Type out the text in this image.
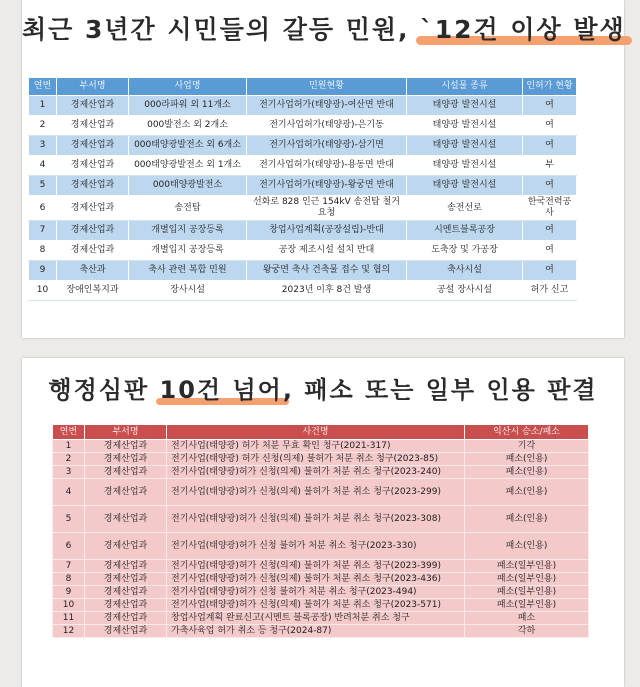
최근 3년간 시민들의 갈등 민원, `12건 이상 발생
연번	부서명	사업명	민원현황	시설물 종류	인허가 현황
1	경제산업과	000라파워 외 11개소	전기사업허가(태양광)-여산면 반대	태양광 발전시설	여
2	경제산업과	000발전소 외 2개소	전기사업허가(태양광)-은기동	태양광 발전시설	여
3	경제산업과	000태양광발전소 외 6개소	전기사업허가(태양광)-삼기면	태양광 발전시설	여
4	경제산업과	000태양광발전소 외 1개소	전기사업허가(태양광)-용동면 반대	태양광 발전시설	부
5	경제산업과	000태양광발전소	전기사업허가(태양광)-왕궁면 반대	태양광 발전시설	여
6	경제산업과	송전탑	선화로 828 인근 154kV 송전탑 철거 요청	송전선로	한국전력공사
7	경제산업과	개별입지 공장등록	창업사업계획(공장설립)-반대	시멘트블록공장	여
8	경제산업과	개별입지 공장등록	공장 제조시설 설치 반대	도축장 및 가공장	여
9	축산과	축사 관련 복합 민원	왕궁면 축사 건축물 접수 및 협의	축사시설	여
10	장애인복지과	장사시설	2023년 이후 8건 발생	공설 장사시설	허가 신고
행정심판 10건 넘어, 패소 또는 일부 인용 판결
연번	부서명	사건명	익산시 승소/패소
1	경제산업과	전기사업(태양광) 허가 처분 무효 확인 청구(2021-317)	기각
2	경제산업과	전기사업(태양광) 허가 신청(의제) 불허가 처분 취소 청구(2023-85)	패소(인용)
3	경제산업과	전기사업(태양광)허가 신청(의제) 불허가 처분 취소 청구(2023-240)	패소(인용)
4	경제산업과	전기사업(태양광)허가 신청(의제) 불허가 처분 취소 청구(2023-299)	패소(인용)
5	경제산업과	전기사업(태양광)허가 신청(의제) 불허가 처분 취소 청구(2023-308)	패소(인용)
6	경제산업과	전기사업(태양광)허가 신청 불허가 처분 취소 청구(2023-330)	패소(인용)
7	경제산업과	전기사업(태양광)허가 신청(의제) 불허가 처분 취소 청구(2023-399)	패소(일부인용)
8	경제산업과	전기사업(태양광)허가 신청(의제) 불허가 처분 취소 청구(2023-436)	패소(일부인용)
9	경제산업과	전기사업(태양광)허가 신청 불허가 처분 취소 청구(2023-494)	패소(일부인용)
10	경제산업과	전기사업(태양광)허가 신청(의제) 불허가 처분 취소 청구(2023-571)	패소(일부인용)
11	경제산업과	창업사업계획 완료신고(시멘트 블록공장) 반려처분 취소 청구	패소
12	경제산업과	가축사육업 허가 취소 등 청구(2024-87)	각하
